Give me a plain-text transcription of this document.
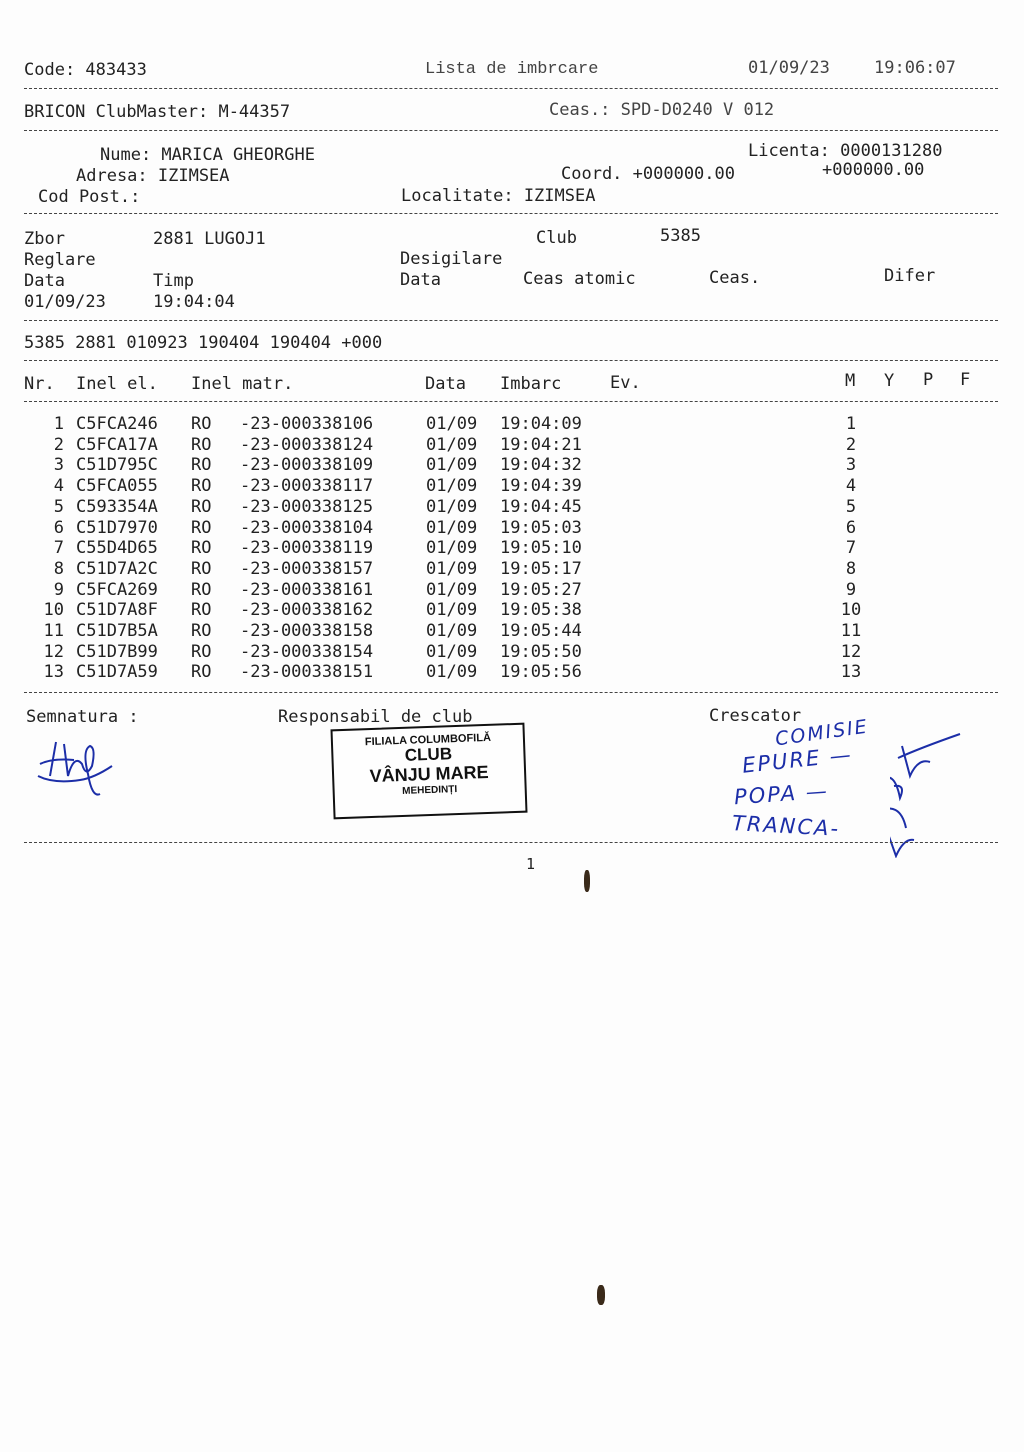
Code: 483433	Lista de imbrcare	01/09/23	19:06:07
BRICON ClubMaster: M-44357	Ceas.: SPD-D0240 V 012
Nume: MARICA GHEORGHE	Licenta: 0000131280
Adresa: IZIMSEA	Coord. +000000.00	+000000.00
Cod Post.:	Localitate: IZIMSEA
Zbor	2881 LUGOJ1	Club	5385
Reglare	Desigilare
Data	Timp	Data	Ceas atomic	Ceas.	Difer
01/09/23	19:04:04
5385 2881 010923 190404 190404 +000
Nr. Inel el. Inel matr.	Data Imbarc	Ev.	M Y P F
1 C5FCA246 RO -23-000338106	01/09 19:04:09	1
2 C5FCA17A RO -23-000338124	01/09 19:04:21	2
3 C51D795C RO -23-000338109	01/09 19:04:32	3
4 C5FCA055 RO -23-000338117	01/09 19:04:39	4
5 C593354A RO -23-000338125	01/09 19:04:45	5
6 C51D7970 RO -23-000338104	01/09 19:05:03	6
7 C55D4D65 RO -23-000338119	01/09 19:05:10	7
8 C51D7A2C RO -23-000338157	01/09 19:05:17	8
9 C5FCA269 RO -23-000338161	01/09 19:05:27	9
10 C51D7A8F RO -23-000338162	01/09 19:05:38	10
11 C51D7B5A RO -23-000338158	01/09 19:05:44	11
12 C51D7B99 RO -23-000338154	01/09 19:05:50	12
13 C51D7A59 RO -23-000338151	01/09 19:05:56	13
Semnatura :	Responsabil de club	Crescator
FILIALA COLUMBOFILĂ
CLUB
VÂNJU MARE
MEHEDINȚI
COMISIE
EPURE —
POPA —
TRANCA-
1
